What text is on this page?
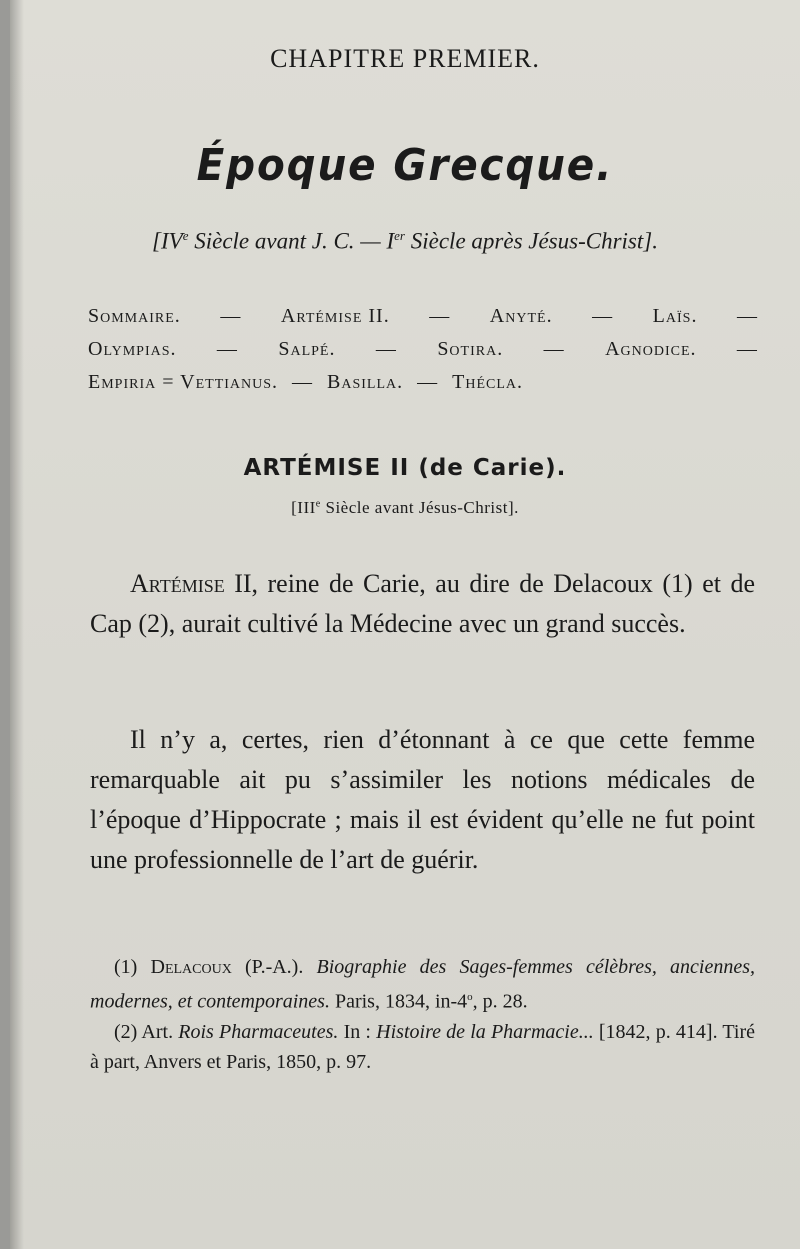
CHAPITRE PREMIER.
Époque Grecque.
[IVe Siècle avant J. C. — Ier Siècle après Jésus-Christ].
Sommaire. — Artémise II. — Anyté. — Laïs. —
Olympias. — Salpé. — Sotira. — Agnodice. —
Empiria = Vettianus. — Basilla. — Thécla.
ARTÉMISE II (de Carie).
[IIIe Siècle avant Jésus-Christ].
Artémise II, reine de Carie, au dire de Delacoux (1) et de Cap (2), aurait cultivé la Médecine avec un grand succès.
Il n’y a, certes, rien d’étonnant à ce que cette femme remarquable ait pu s’assimiler les notions médicales de l’époque d’Hippocrate ; mais il est évident qu’elle ne fut point une professionnelle de l’art de guérir.
(1) Delacoux (P.-A.). Biographie des Sages-femmes célèbres, anciennes, modernes, et contemporaines. Paris, 1834, in-4$^o$, p. 28.
(2) Art. Rois Pharmaceutes. In : Histoire de la Pharmacie... [1842, p. 414]. Tiré à part, Anvers et Paris, 1850, p. 97.
